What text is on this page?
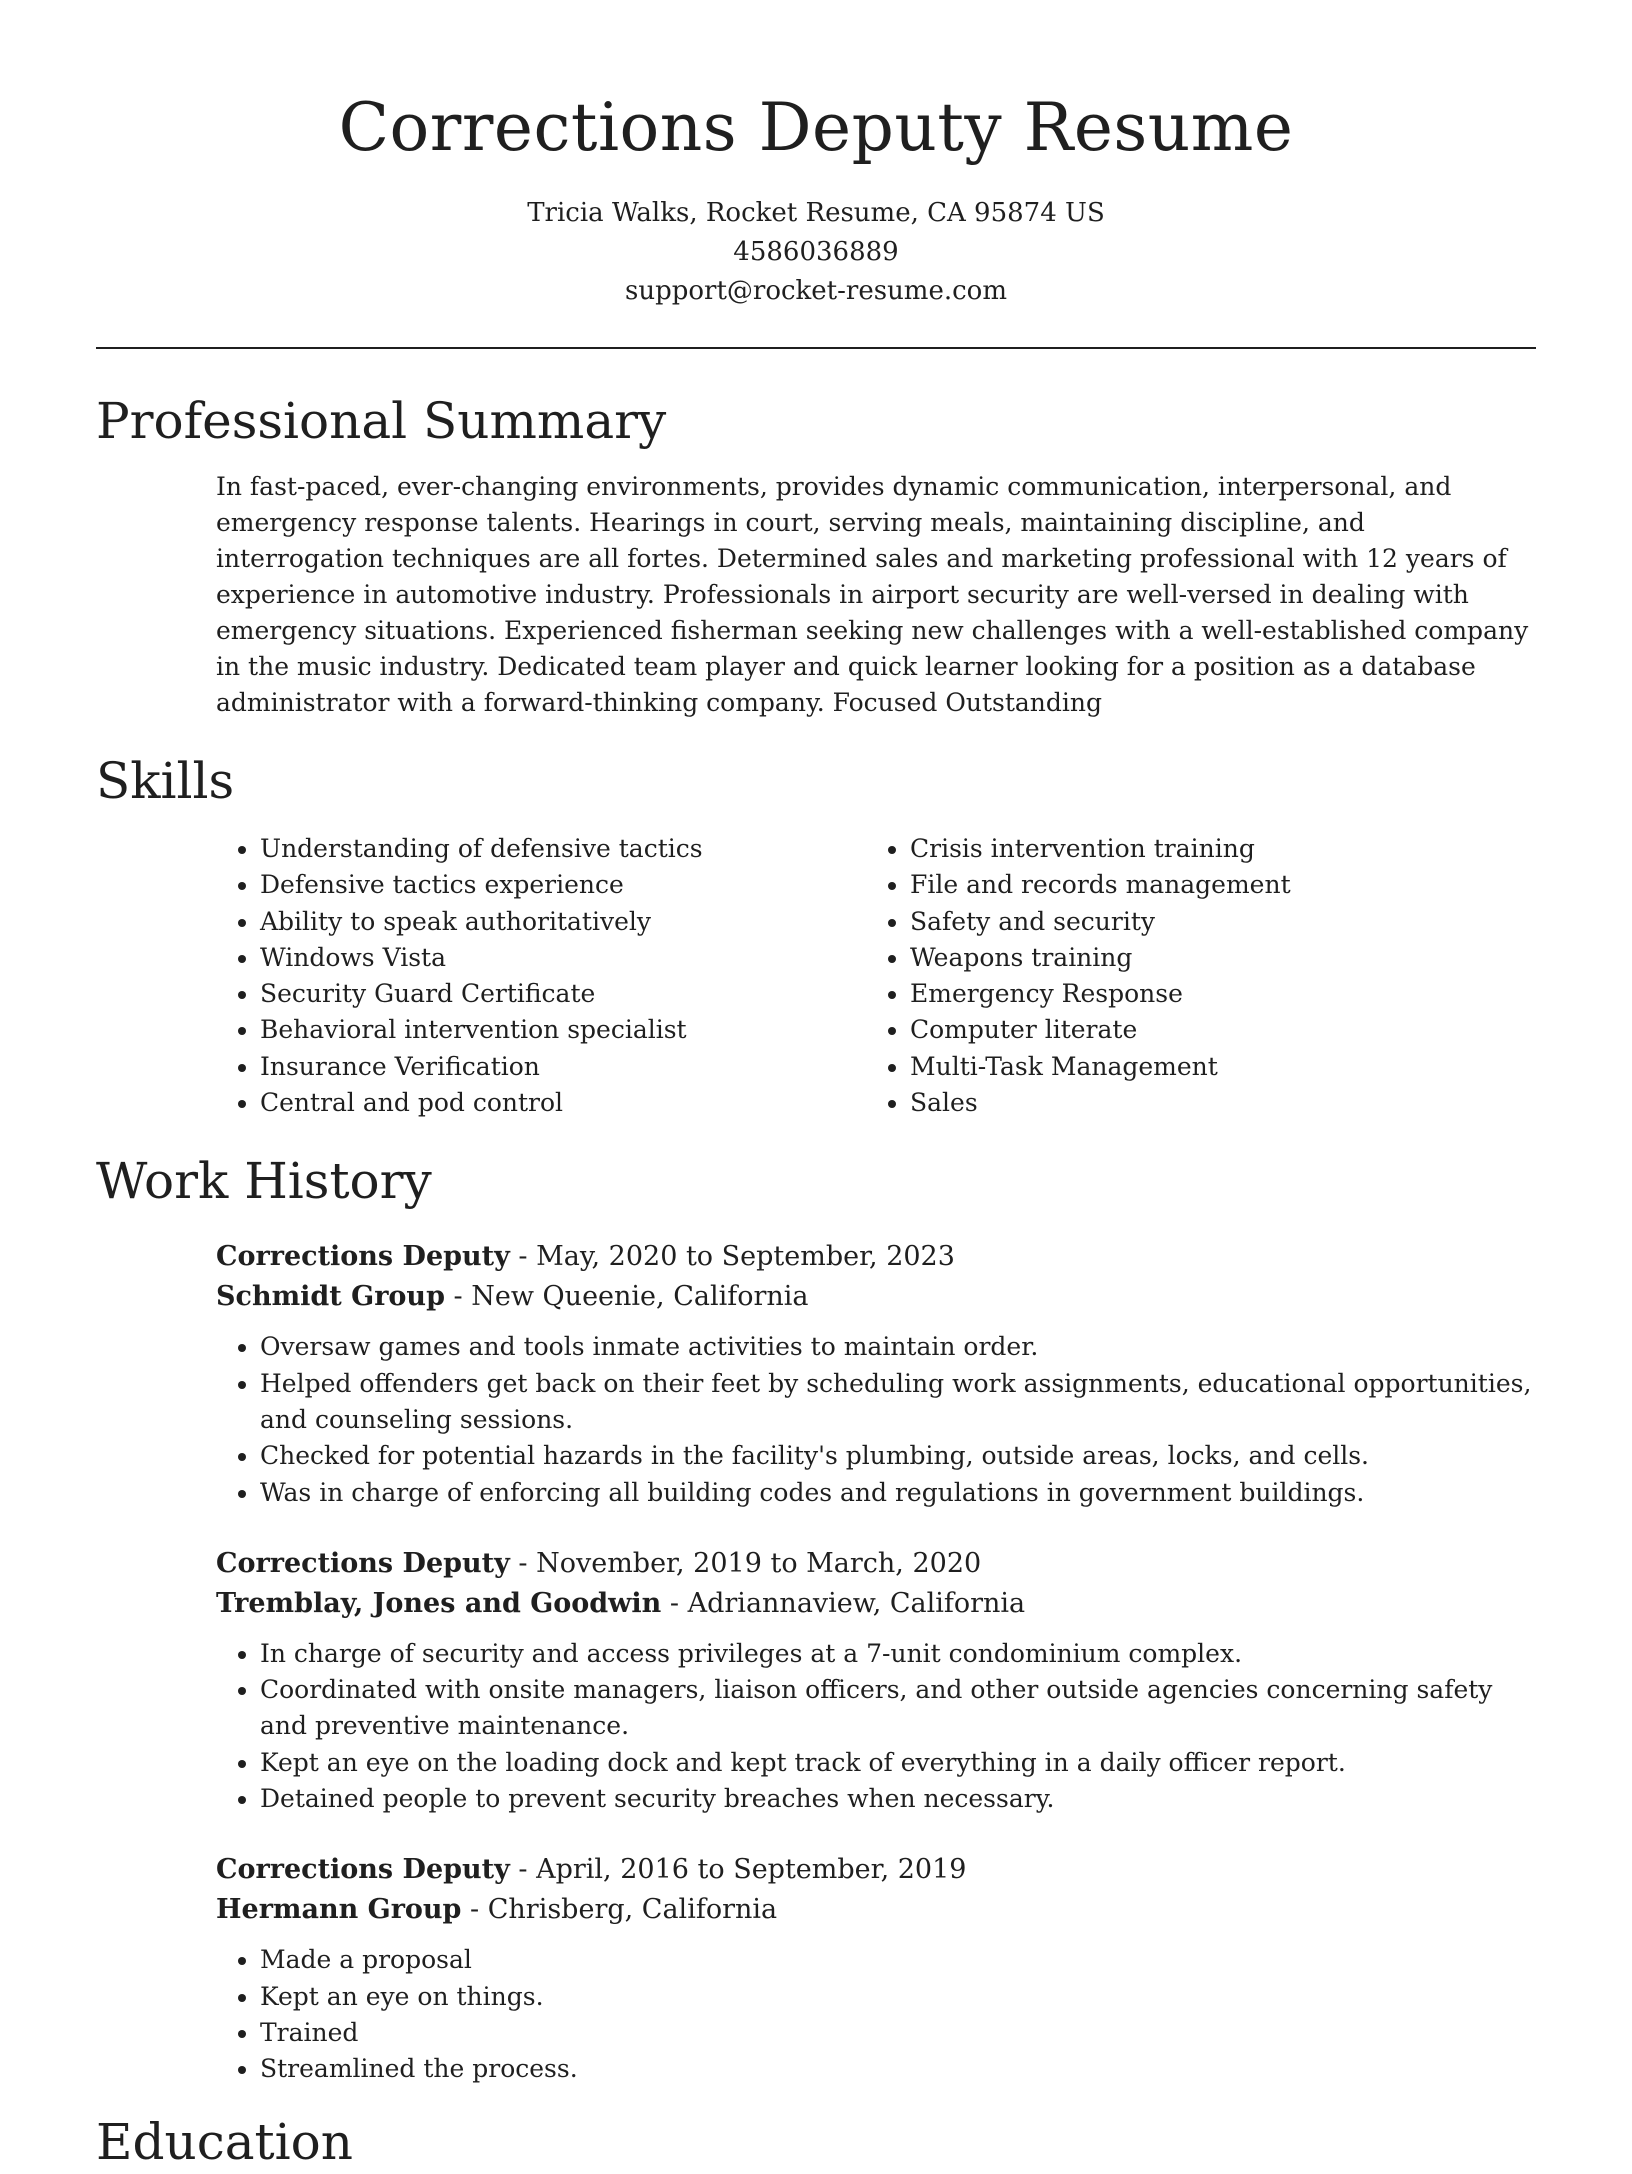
Corrections Deputy Resume
Tricia Walks, Rocket Resume, CA 95874 US
4586036889
support@rocket-resume.com
Professional Summary

In fast-paced, ever-changing environments, provides dynamic communication, interpersonal, and emergency response talents. Hearings in court, serving meals, maintaining discipline, and interrogation techniques are all fortes. Determined sales and marketing professional with 12 years of experience in automotive industry. Professionals in airport security are well-versed in dealing with emergency situations. Experienced fisherman seeking new challenges with a well-established company in the music industry. Dedicated team player and quick learner looking for a position as a database administrator with a forward-thinking company. Focused Outstanding

Skills
• Understanding of defensive tactics
• Defensive tactics experience
• Ability to speak authoritatively
• Windows Vista
• Security Guard Certificate
• Behavioral intervention specialist
• Insurance Verification
• Central and pod control
• Crisis intervention training
• File and records management
• Safety and security
• Weapons training
• Emergency Response
• Computer literate
• Multi-Task Management
• Sales
Work History
Corrections Deputy - May, 2020 to September, 2023
Schmidt Group - New Queenie, California
• Oversaw games and tools inmate activities to maintain order.
• Helped offenders get back on their feet by scheduling work assignments, educational opportunities, and counseling sessions.
• Checked for potential hazards in the facility's plumbing, outside areas, locks, and cells.
• Was in charge of enforcing all building codes and regulations in government buildings.
Corrections Deputy - November, 2019 to March, 2020
Tremblay, Jones and Goodwin - Adriannaview, California
• In charge of security and access privileges at a 7-unit condominium complex.
• Coordinated with onsite managers, liaison officers, and other outside agencies concerning safety and preventive maintenance.
• Kept an eye on the loading dock and kept track of everything in a daily officer report.
• Detained people to prevent security breaches when necessary.
Corrections Deputy - April, 2016 to September, 2019
Hermann Group - Chrisberg, California
• Made a proposal
• Kept an eye on things.
• Trained
• Streamlined the process.
Education
